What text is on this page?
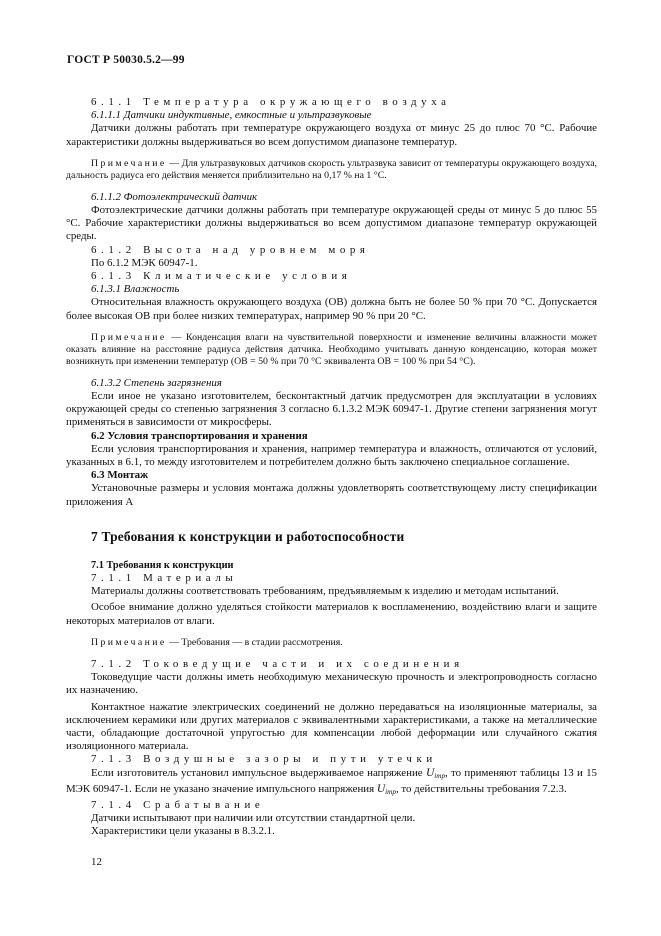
ГОСТ Р 50030.5.2—99

6.1.1 Температура окружающего воздуха

6.1.1.1 Датчики индуктивные, емкостные и ультразвуковые

Датчики должны работать при температуре окружающего воздуха от минус 25 до плюс 70 °С. Рабочие характеристики должны выдерживаться во всем допустимом диапазоне температур.

Примечание — Для ультразвуковых датчиков скорость ультразвука зависит от температуры окружающего воздуха, дальность радиуса его действия меняется приблизительно на 0,17 % на 1 °С.

6.1.1.2 Фотоэлектрический датчик

Фотоэлектрические датчики должны работать при температуре окружающей среды от минус 5 до плюс 55 °С. Рабочие характеристики должны выдерживаться во всем допустимом диапазоне температур окружающей среды.

6.1.2 Высота над уровнем моря

По 6.1.2 МЭК 60947-1.

6.1.3 Климатические условия

6.1.3.1 Влажность

Относительная влажность окружающего воздуха (ОВ) должна быть не более 50 % при 70 °С. Допускается более высокая ОВ при более низких температурах, например 90 % при 20 °С.

Примечание — Конденсация влаги на чувствительной поверхности и изменение величины влажности может оказать влияние на расстояние радиуса действия датчика. Необходимо учитывать данную конденсацию, которая может возникнуть при изменении температур (ОВ = 50 % при 70 °С эквивалента ОВ = 100 % при 54 °С).

6.1.3.2 Степень загрязнения

Если иное не указано изготовителем, бесконтактный датчик предусмотрен для эксплуатации в условиях окружающей среды со степенью загрязнения 3 согласно 6.1.3.2 МЭК 60947-1. Другие степени загрязнения могут применяться в зависимости от микросферы.

6.2 Условия транспортирования и хранения

Если условия транспортирования и хранения, например температура и влажность, отличаются от условий, указанных в 6.1, то между изготовителем и потребителем должно быть заключено специальное соглашение.

6.3 Монтаж

Установочные размеры и условия монтажа должны удовлетворять соответствующему листу спецификации приложения А

7 Требования к конструкции и работоспособности

7.1 Требования к конструкции

7.1.1 Материалы

Материалы должны соответствовать требованиям, предъявляемым к изделию и методам испытаний.

Особое внимание должно уделяться стойкости материалов к воспламенению, воздействию влаги и защите некоторых материалов от влаги.

Примечание — Требования — в стадии рассмотрения.

7.1.2 Токоведущие части и их соединения

Токоведущие части должны иметь необходимую механическую прочность и электропроводность согласно их назначению.

Контактное нажатие электрических соединений не должно передаваться на изоляционные материалы, за исключением керамики или других материалов с эквивалентными характеристиками, а также на металлические части, обладающие достаточной упругостью для компенсации любой деформации или случайного сжатия изоляционного материала.

7.1.3 Воздушные зазоры и пути утечки

Если изготовитель установил импульсное выдерживаемое напряжение Uimp, то применяют таблицы 13 и 15 МЭК 60947-1. Если не указано значение импульсного напряжения Uimp, то действительны требования 7.2.3.

7.1.4 Срабатывание

Датчики испытывают при наличии или отсутствии стандартной цели.

Характеристики цели указаны в 8.3.2.1.

12
